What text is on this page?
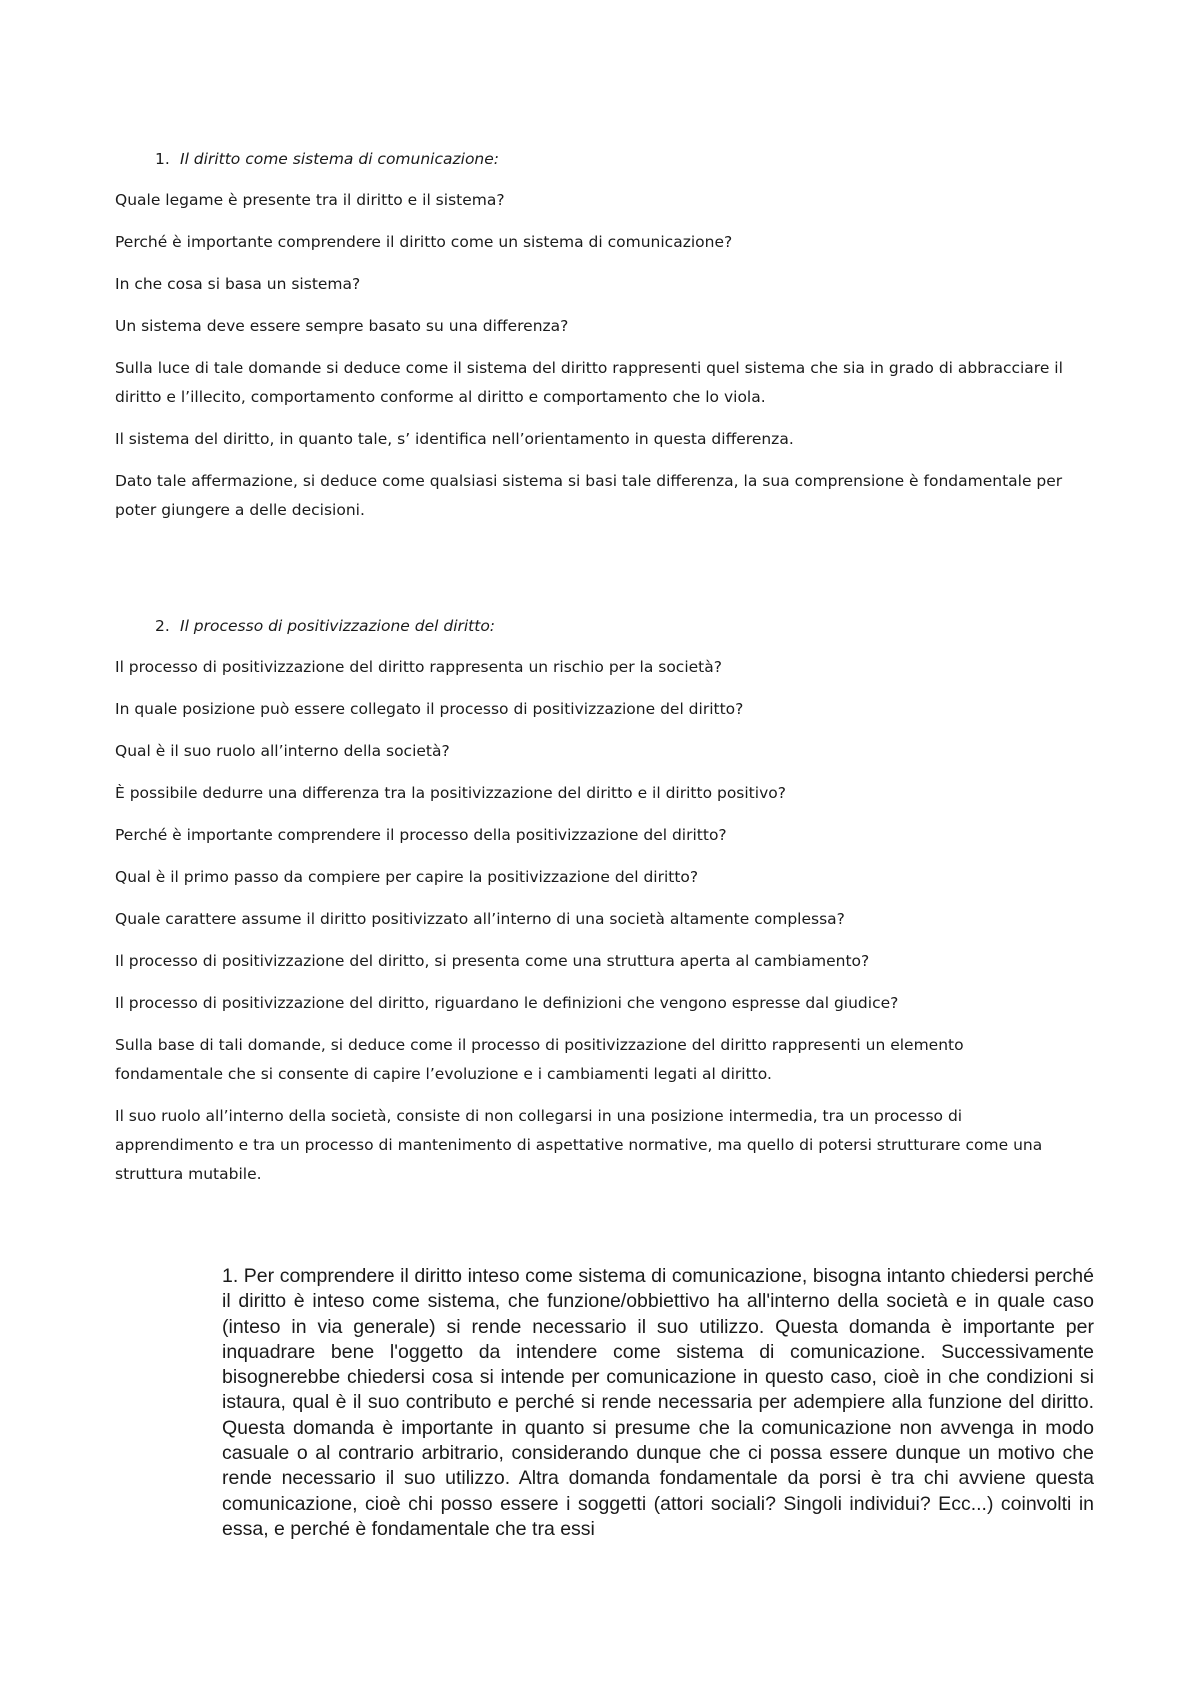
1. Il diritto come sistema di comunicazione:

Quale legame è presente tra il diritto e il sistema?

Perché è importante comprendere il diritto come un sistema di comunicazione?

In che cosa si basa un sistema?

Un sistema deve essere sempre basato su una differenza?

Sulla luce di tale domande si deduce come il sistema del diritto rappresenti quel sistema che sia in grado di abbracciare il diritto e l’illecito, comportamento conforme al diritto e comportamento che lo viola.

Il sistema del diritto, in quanto tale, s’ identifica nell’orientamento in questa differenza.

Dato tale affermazione, si deduce come qualsiasi sistema si basi tale differenza, la sua comprensione è fondamentale per poter giungere a delle decisioni.

2. Il processo di positivizzazione del diritto:

Il processo di positivizzazione del diritto rappresenta un rischio per la società?

In quale posizione può essere collegato il processo di positivizzazione del diritto?

Qual è il suo ruolo all’interno della società?

È possibile dedurre una differenza tra la positivizzazione del diritto e il diritto positivo?

Perché è importante comprendere il processo della positivizzazione del diritto?

Qual è il primo passo da compiere per capire la positivizzazione del diritto?

Quale carattere assume il diritto positivizzato all’interno di una società altamente complessa?

Il processo di positivizzazione del diritto, si presenta come una struttura aperta al cambiamento?

Il processo di positivizzazione del diritto, riguardano le definizioni che vengono espresse dal giudice?

Sulla base di tali domande, si deduce come il processo di positivizzazione del diritto rappresenti un elemento fondamentale che si consente di capire l’evoluzione e i cambiamenti legati al diritto.

Il suo ruolo all’interno della società, consiste di non collegarsi in una posizione intermedia, tra un processo di apprendimento e tra un processo di mantenimento di aspettative normative, ma quello di potersi strutturare come una struttura mutabile.

1. Per comprendere il diritto inteso come sistema di comunicazione, bisogna intanto chiedersi perché il diritto è inteso come sistema, che funzione/obbiettivo ha all'interno della società e in quale caso (inteso in via generale) si rende necessario il suo utilizzo. Questa domanda è importante per inquadrare bene l'oggetto da intendere come sistema di comunicazione. Successivamente bisognerebbe chiedersi cosa si intende per comunicazione in questo caso, cioè in che condizioni si istaura, qual è il suo contributo e perché si rende necessaria per adempiere alla funzione del diritto. Questa domanda è importante in quanto si presume che la comunicazione non avvenga in modo casuale o al contrario arbitrario, considerando dunque che ci possa essere dunque un motivo che rende necessario il suo utilizzo. Altra domanda fondamentale da porsi è tra chi avviene questa comunicazione, cioè chi posso essere i soggetti (attori sociali? Singoli individui? Ecc...) coinvolti in essa, e perché è fondamentale che tra essi
